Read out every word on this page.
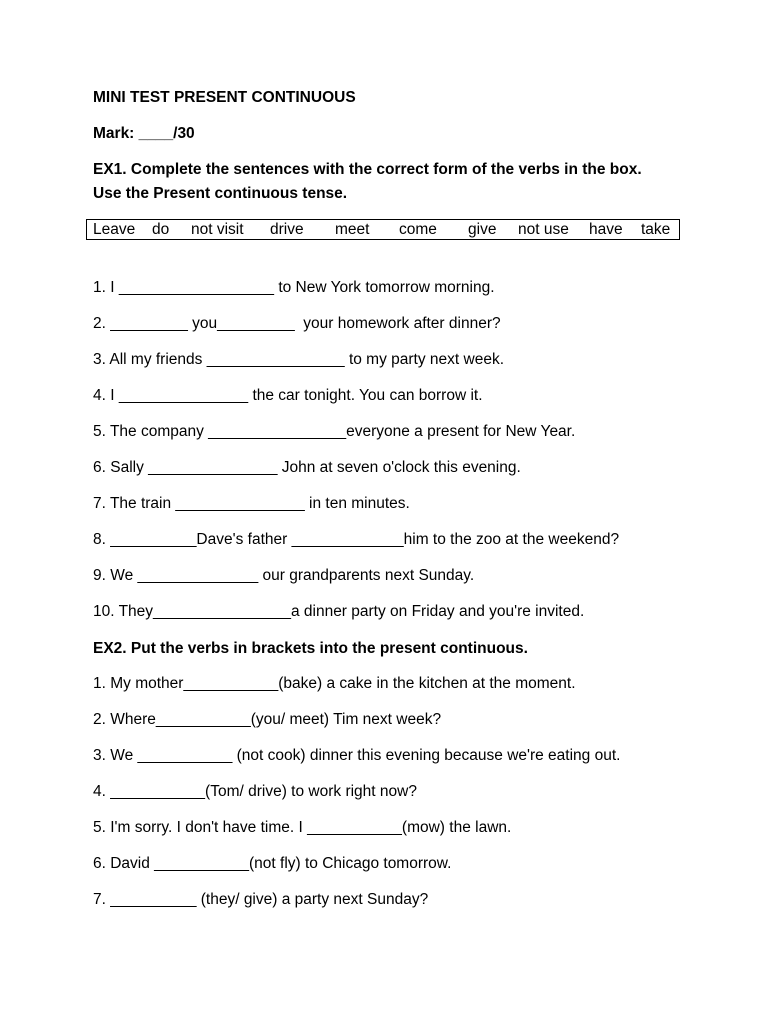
MINI TEST PRESENT CONTINUOUS
Mark: ____/30
EX1. Complete the sentences with the correct form of the verbs in the box.
Use the Present continuous tense.
Leave do not visit drive meet come give not use have take
1. I __________________ to New York tomorrow morning.
2. _________ you_________  your homework after dinner?
3. All my friends ________________ to my party next week.
4. I _______________ the car tonight. You can borrow it.
5. The company ________________everyone a present for New Year.
6. Sally _______________ John at seven o'clock this evening.
7. The train _______________ in ten minutes.
8. __________Dave's father _____________him to the zoo at the weekend?
9. We ______________ our grandparents next Sunday.
10. They________________a dinner party on Friday and you're invited.
EX2. Put the verbs in brackets into the present continuous.
1. My mother___________(bake) a cake in the kitchen at the moment.
2. Where___________(you/ meet) Tim next week?
3. We ___________ (not cook) dinner this evening because we're eating out.
4. ___________(Tom/ drive) to work right now?
5. I'm sorry. I don't have time. I ___________(mow) the lawn.
6. David ___________(not fly) to Chicago tomorrow.
7. __________ (they/ give) a party next Sunday?
